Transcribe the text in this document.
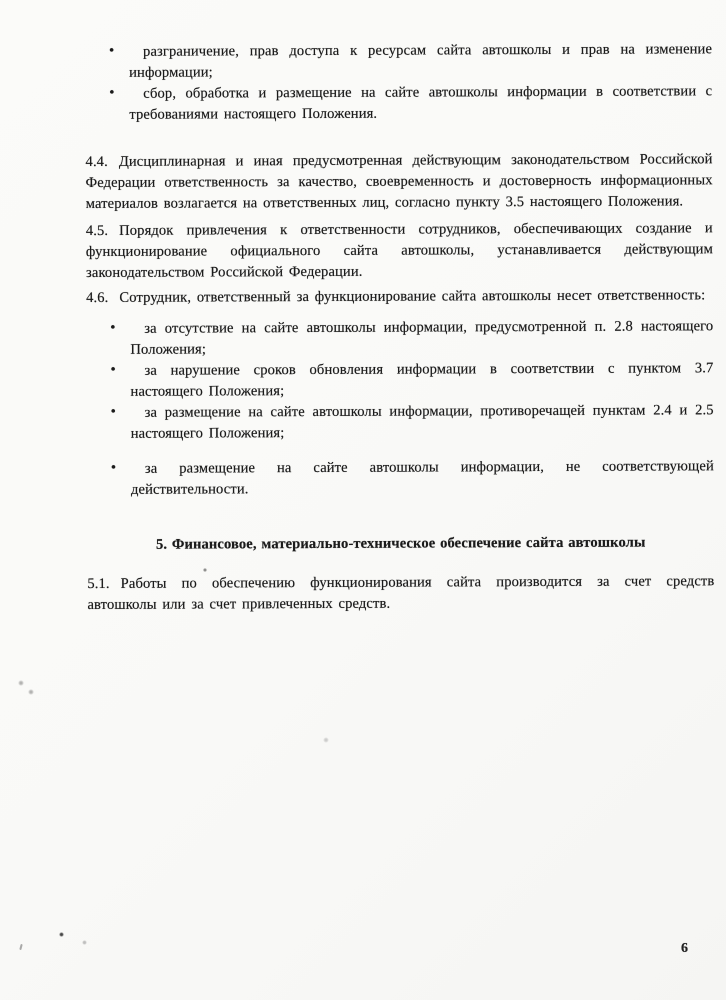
• разграничение, прав доступа к ресурсам сайта автошколы и прав на изменение информации;
• сбор, обработка и размещение на сайте автошколы информации в соответствии с требованиями настоящего Положения.

4.4. Дисциплинарная и иная предусмотренная действующим законодательством Российской Федерации ответственность за качество, своевременность и достоверность информационных материалов возлагается на ответственных лиц, согласно пункту 3.5 настоящего Положения.

4.5. Порядок привлечения к ответственности сотрудников, обеспечивающих создание и функционирование официального сайта автошколы, устанавливается действующим законодательством Российской Федерации.

4.6. Сотрудник, ответственный за функционирование сайта автошколы несет ответственность:

• за отсутствие на сайте автошколы информации, предусмотренной п. 2.8 настоящего Положения;
• за нарушение сроков обновления информации в соответствии с пунктом 3.7 настоящего Положения;
• за размещение на сайте автошколы информации, противоречащей пунктам 2.4 и 2.5 настоящего Положения;
• за размещение на сайте автошколы информации, не соответствующей действительности.

5. Финансовое, материально-техническое обеспечение сайта автошколы

5.1. Работы по обеспечению функционирования сайта производится за счет средств автошколы или за счет привлеченных средств.

6
